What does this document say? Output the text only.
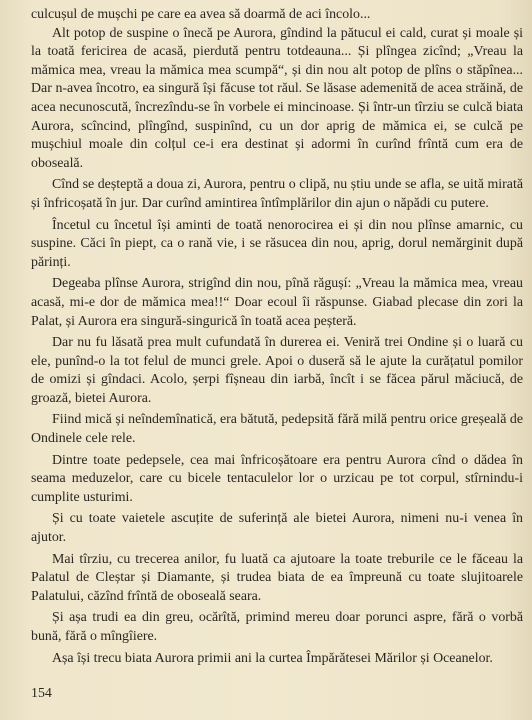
culcușul de mușchi pe care ea avea să doarmă de aci încolo...

Alt potop de suspine o înecă pe Aurora, gîndind la pătucul ei cald, curat și moale și la toată fericirea de acasă, pierdută pentru totdeauna... Și plîngea zicînd; „Vreau la mămica mea, vreau la mămica mea scumpă“, și din nou alt potop de plîns o stăpînea... Dar n-avea încotro, ea singură își făcuse tot răul. Se lăsase ademenită de acea străină, de acea necunoscută, încrezîndu-se în vorbele ei mincinoase. Și într-un tîrziu se culcă biata Aurora, scîncind, plîngînd, suspinînd, cu un dor aprig de mămica ei, se culcă pe mușchiul moale din colțul ce-i era destinat și adormi în curînd frîntă cum era de oboseală.

Cînd se deșteptă a doua zi, Aurora, pentru o clipă, nu știu unde se afla, se uită mirată și înfricoșată în jur. Dar curînd amintirea întîmplărilor din ajun o năpădi cu putere.

Încetul cu încetul își aminti de toată nenorocirea ei și din nou plînse amarnic, cu suspine. Căci în piept, ca o rană vie, i se răsucea din nou, aprig, dorul nemărginit după părinți.

Degeaba plînse Aurora, strigînd din nou, pînă răgușí: „Vreau la mămica mea, vreau acasă, mi-e dor de mămica mea!!“ Doar ecoul îi răspunse. Giabad plecase din zori la Palat, și Aurora era singură-singurică în toată acea peșteră.

Dar nu fu lăsată prea mult cufundată în durerea ei. Veniră trei Ondine și o luară cu ele, punînd-o la tot felul de munci grele. Apoi o duseră să le ajute la curățatul pomilor de omizi și gîndaci. Acolo, șerpi fîșneau din iarbă, încît i se făcea părul măciucă, de groază, bietei Aurora.

Fiind mică și neîndemînatică, era bătută, pedepsită fără milă pentru orice greșeală de Ondinele cele rele.

Dintre toate pedepsele, cea mai înfricoșătoare era pentru Aurora cînd o dădea în seama meduzelor, care cu bicele tentaculelor lor o urzicau pe tot corpul, stîrnindu-i cumplite usturimi.

Și cu toate vaietele ascuțite de suferință ale bietei Aurora, nimeni nu-i venea în ajutor.

Mai tîrziu, cu trecerea anilor, fu luată ca ajutoare la toate treburile ce le făceau la Palatul de Cleștar și Diamante, și trudea biata de ea împreună cu toate slujitoarele Palatului, căzînd frîntă de oboseală seara.

Și așa trudi ea din greu, ocărîtă, primind mereu doar porunci aspre, fără o vorbă bună, fără o mîngîiere.

Așa își trecu biata Aurora primii ani la curtea Împărătesei Mărilor și Oceanelor.

154
